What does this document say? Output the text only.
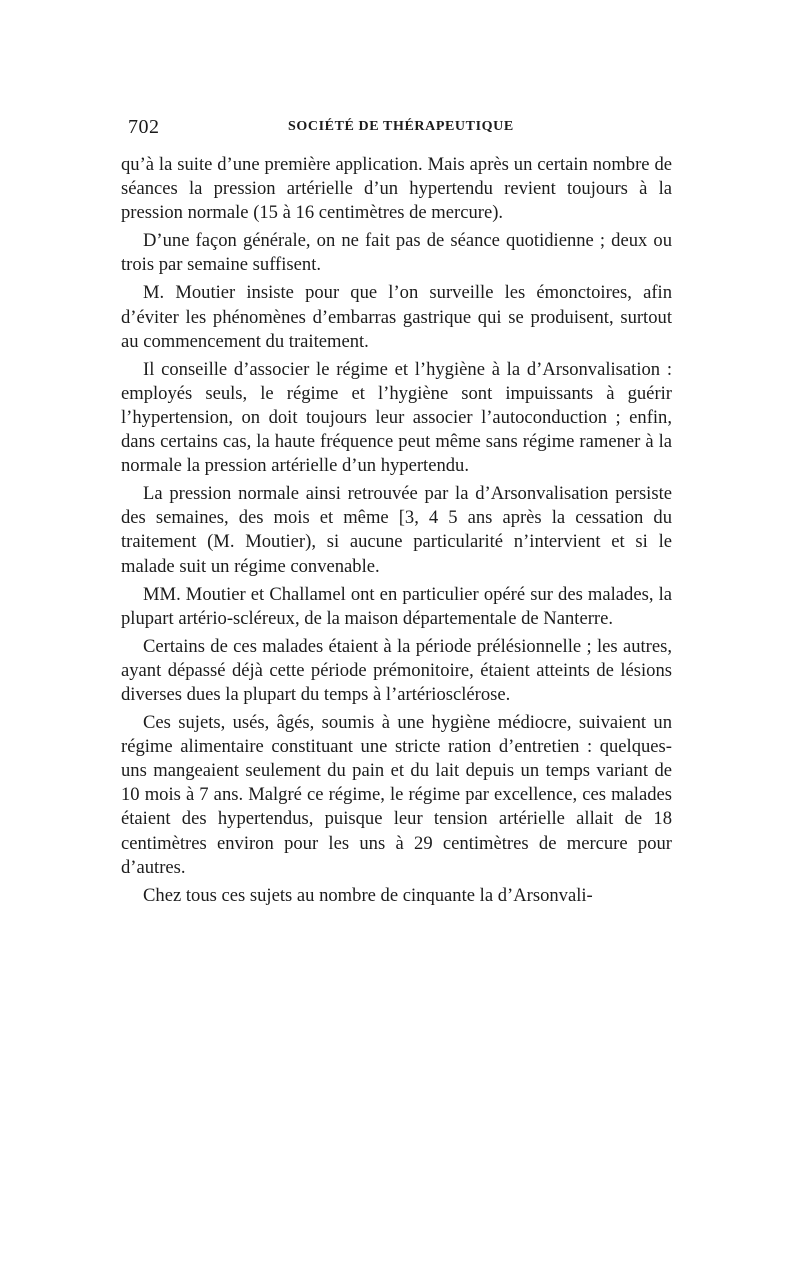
702	SOCIÉTÉ DE THÉRAPEUTIQUE

qu’à la suite d’une première application. Mais après un certain nombre de séances la pression artérielle d’un hypertendu revient toujours à la pression normale (15 à 16 centimètres de mercure).

D’une façon générale, on ne fait pas de séance quotidienne ; deux ou trois par semaine suffisent.

M. Moutier insiste pour que l’on surveille les émonctoires, afin d’éviter les phénomènes d’embarras gastrique qui se produisent, surtout au commencement du traitement.

Il conseille d’associer le régime et l’hygiène à la d’Arsonvalisation : employés seuls, le régime et l’hygiène sont impuissants à guérir l’hypertension, on doit toujours leur associer l’autoconduction ; enfin, dans certains cas, la haute fréquence peut même sans régime ramener à la normale la pression artérielle d’un hypertendu.

La pression normale ainsi retrouvée par la d’Arsonvalisation persiste des semaines, des mois et même [3, 4 5 ans après la cessation du traitement (M. Moutier), si aucune particularité n’intervient et si le malade suit un régime convenable.

MM. Moutier et Challamel ont en particulier opéré sur des malades, la plupart artério-scléreux, de la maison départementale de Nanterre.

Certains de ces malades étaient à la période prélésionnelle ; les autres, ayant dépassé déjà cette période prémonitoire, étaient atteints de lésions diverses dues la plupart du temps à l’artériosclérose.

Ces sujets, usés, âgés, soumis à une hygiène médiocre, suivaient un régime alimentaire constituant une stricte ration d’entretien : quelques-uns mangeaient seulement du pain et du lait depuis un temps variant de 10 mois à 7 ans. Malgré ce régime, le régime par excellence, ces malades étaient des hypertendus, puisque leur tension artérielle allait de 18 centimètres environ pour les uns à 29 centimètres de mercure pour d’autres.

Chez tous ces sujets au nombre de cinquante la d’Arsonvali-
